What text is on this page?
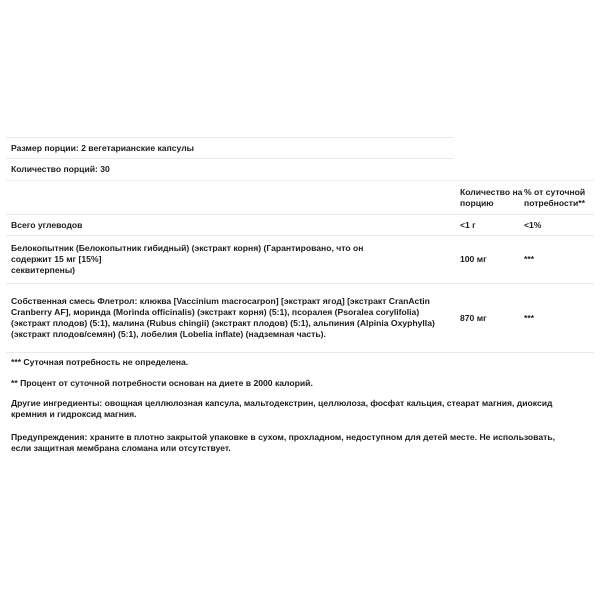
Размер порции: 2 вегетарианские капсулы
Количество порций: 30
	Количество на порцию	% от суточной потребности**
Всего углеводов	<1 г	<1%

Белокопытник (Белокопытник гибидный) (экстракт корня) (Гарантировано, что он
содержит 15 мг [15%]
секвитерпены)	100 мг	***
Собственная смесь Флетрол: клюква [Vaccinium macrocarpon] [экстракт ягод] [экстракт CranActin Cranberry AF], моринда (Morinda officinalis) (экстракт корня) (5:1), псоралея (Psoralea corylifolia) (экстракт плодов) (5:1), малина (Rubus chingii) (экстракт плодов) (5:1), альпиния (Alpinia Oxyphylla) (экстракт плодов/семян) (5:1), лобелия (Lobelia inflate) (надземная часть).	870 мг	***

*** Суточная потребность не определена.

** Процент от суточной потребности основан на диете в 2000 калорий.

Другие ингредиенты: овощная целлюлозная капсула, мальтодекстрин, целлюлоза, фосфат кальция, стеарат магния, диоксид кремния и гидроксид магния.

Предупреждения: храните в плотно закрытой упаковке в сухом, прохладном, недоступном для детей месте. Не использовать, если защитная мембрана сломана или отсутствует.
